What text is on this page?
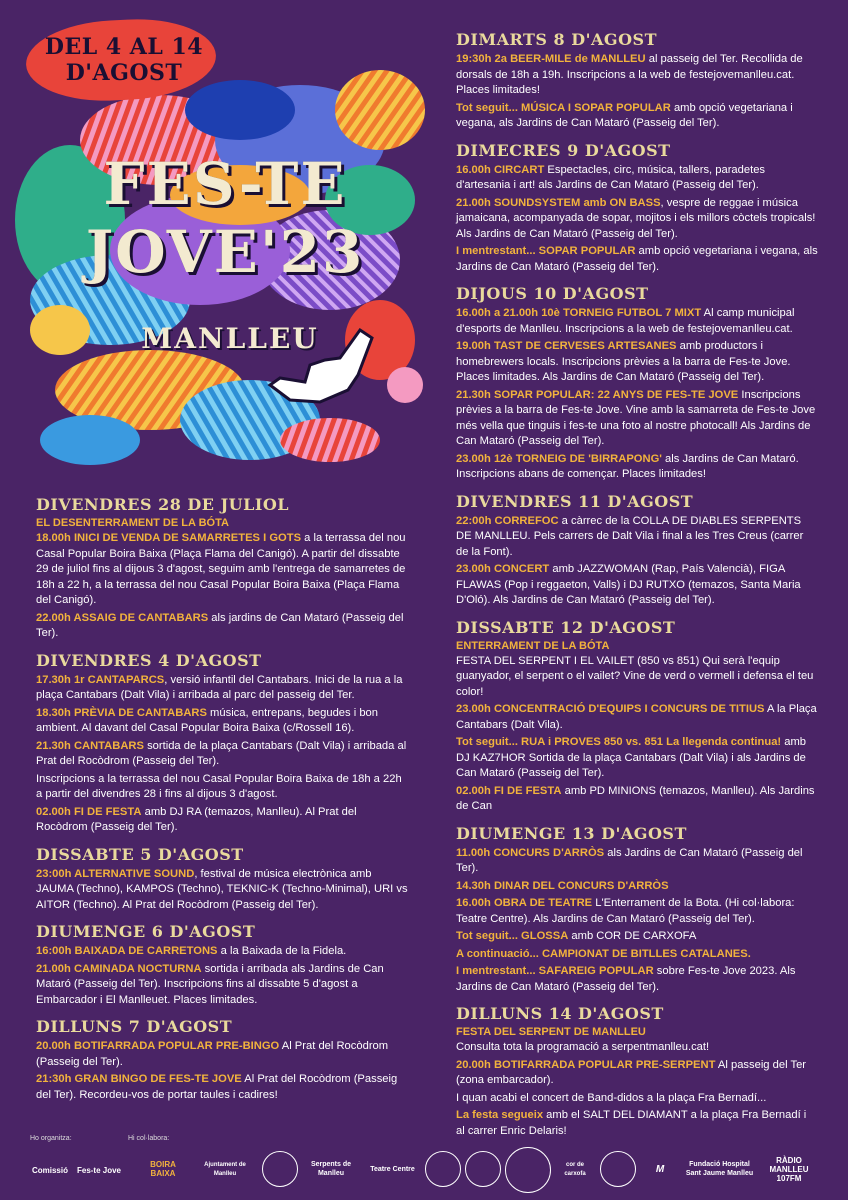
DEL 4 AL 14
D'AGOST
FES-TE
JOVE'23
MANLLEU
DIVENDRES 28 DE JULIOL
EL DESENTERRAMENT DE LA BÓTA
18.00h INICI DE VENDA DE SAMARRETES I GOTS a la terrassa del nou Casal Popular Boira Baixa (Plaça Flama del Canigó). A partir del dissabte 29 de juliol fins al dijous 3 d'agost, seguim amb l'entrega de samarretes de 18h a 22 h, a la terrassa del nou Casal Popular Boira Baixa (Plaça Flama del Canigó).
22.00h ASSAIG DE CANTABARS als jardins de Can Mataró (Passeig del Ter).
DIVENDRES 4 D'AGOST
17.30h 1r CANTAPARCS, versió infantil del Cantabars. Inici de la rua a la plaça Cantabars (Dalt Vila) i arribada al parc del passeig del Ter.
18.30h PRÈVIA DE CANTABARS música, entrepans, begudes i bon ambient. Al davant del Casal Popular Boira Baixa (c/Rossell 16).
21.30h CANTABARS sortida de la plaça Cantabars (Dalt Vila) i arribada al Prat del Rocòdrom (Passeig del Ter).
Inscripcions a la terrassa del nou Casal Popular Boira Baixa de 18h a 22h a partir del divendres 28 i fins al dijous 3 d'agost.
02.00h FI DE FESTA amb DJ RA (temazos, Manlleu). Al Prat del Rocòdrom (Passeig del Ter).
DISSABTE 5 D'AGOST
23:00h ALTERNATIVE SOUND, festival de música electrònica amb JAUMA (Techno), KAMPOS (Techno), TEKNIC-K (Techno-Minimal), URI vs AITOR (Techno). Al Prat del Rocòdrom (Passeig del Ter).
DIUMENGE 6 D'AGOST
16:00h BAIXADA DE CARRETONS a la Baixada de la Fidela.
21.00h CAMINADA NOCTURNA sortida i arribada als Jardins de Can Mataró (Passeig del Ter). Inscripcions fins al dissabte 5 d'agost a Embarcador i El Manlleuet. Places limitades.
DILLUNS 7 D'AGOST
20.00h BOTIFARRADA POPULAR PRE-BINGO Al Prat del Rocòdrom (Passeig del Ter).
21:30h GRAN BINGO DE FES-TE JOVE Al Prat del Rocòdrom (Passeig del Ter). Recordeu-vos de portar taules i cadires!
DIMARTS 8 D'AGOST
19:30h 2a BEER-MILE de MANLLEU al passeig del Ter. Recollida de dorsals de 18h a 19h. Inscripcions a la web de festejovemanlleu.cat. Places limitades!
Tot seguit... MÚSICA I SOPAR POPULAR amb opció vegetariana i vegana, als Jardins de Can Mataró (Passeig del Ter).
DIMECRES 9 D'AGOST
16.00h CIRCART Espectacles, circ, música, tallers, paradetes d'artesania i art! als Jardins de Can Mataró (Passeig del Ter).
21.00h SOUNDSYSTEM amb ON BASS, vespre de reggae i música jamaicana, acompanyada de sopar, mojitos i els millors còctels tropicals! Als Jardins de Can Mataró (Passeig del Ter).
I mentrestant... SOPAR POPULAR amb opció vegetariana i vegana, als Jardins de Can Mataró (Passeig del Ter).
DIJOUS 10 D'AGOST
16.00h a 21.00h 10è TORNEIG FUTBOL 7 MIXT Al camp municipal d'esports de Manlleu. Inscripcions a la web de festejovemanlleu.cat.
19.00h TAST DE CERVESES ARTESANES amb productors i homebrewers locals. Inscripcions prèvies a la barra de Fes-te Jove. Places limitades. Als Jardins de Can Mataró (Passeig del Ter).
21.30h SOPAR POPULAR: 22 ANYS DE FES-TE JOVE Inscripcions prèvies a la barra de Fes-te Jove. Vine amb la samarreta de Fes-te Jove més vella que tinguis i fes-te una foto al nostre photocall! Als Jardins de Can Mataró (Passeig del Ter).
23.00h 12è TORNEIG DE 'BIRRAPONG' als Jardins de Can Mataró. Inscripcions abans de començar. Places limitades!
DIVENDRES 11 D'AGOST
22:00h CORREFOC a càrrec de la COLLA DE DIABLES SERPENTS DE MANLLEU. Pels carrers de Dalt Vila i final a les Tres Creus (carrer de la Font).
23.00h CONCERT amb JAZZWOMAN (Rap, País Valencià), FIGA FLAWAS (Pop i reggaeton, Valls) i DJ RUTXO (temazos, Santa Maria D'Oló). Als Jardins de Can Mataró (Passeig del Ter).
DISSABTE 12 D'AGOST
ENTERRAMENT DE LA BÓTA
FESTA DEL SERPENT I EL VAILET (850 vs 851) Qui serà l'equip guanyador, el serpent o el vailet? Vine de verd o vermell i defensa el teu color!
23.00h CONCENTRACIÓ D'EQUIPS I CONCURS DE TITIUS A la Plaça Cantabars (Dalt Vila).
Tot seguit... RUA i PROVES 850 vs. 851 La llegenda continua! amb DJ KAZ7HOR Sortida de la plaça Cantabars (Dalt Vila) i als Jardins de Can Mataró (Passeig del Ter).
02.00h FI DE FESTA amb PD MINIONS (temazos, Manlleu). Als Jardins de Can
DIUMENGE 13 D'AGOST
11.00h CONCURS D'ARRÒS als Jardins de Can Mataró (Passeig del Ter).
14.30h DINAR DEL CONCURS D'ARRÒS
16.00h OBRA DE TEATRE L'Enterrament de la Bota. (Hi col·labora: Teatre Centre). Als Jardins de Can Mataró (Passeig del Ter).
Tot seguit... GLOSSA amb COR DE CARXOFA
A continuació... CAMPIONAT DE BITLLES CATALANES.
I mentrestant... SAFAREIG POPULAR sobre Fes-te Jove 2023. Als Jardins de Can Mataró (Passeig del Ter).
DILLUNS 14 D'AGOST
FESTA DEL SERPENT DE MANLLEU
Consulta tota la programació a serpentmanlleu.cat!
20.00h BOTIFARRADA POPULAR PRE-SERPENT Al passeig del Ter (zona embarcador).
I quan acabi el concert de Band-didos a la plaça Fra Bernadí...
La festa segueix amb el SALT DEL DIAMANT a la plaça Fra Bernadí i al carrer Enric Delaris!
Ho organitza:	Hi col·labora:
Comissió Fes-te Jove
BOIRA BAIXA
Ajuntament de Manlleu
Serpents de Manlleu
Teatre Centre
cor de carxofa	M	Fundació Hospital Sant Jaume Manlleu
RÀDIO MANLLEU 107FM
